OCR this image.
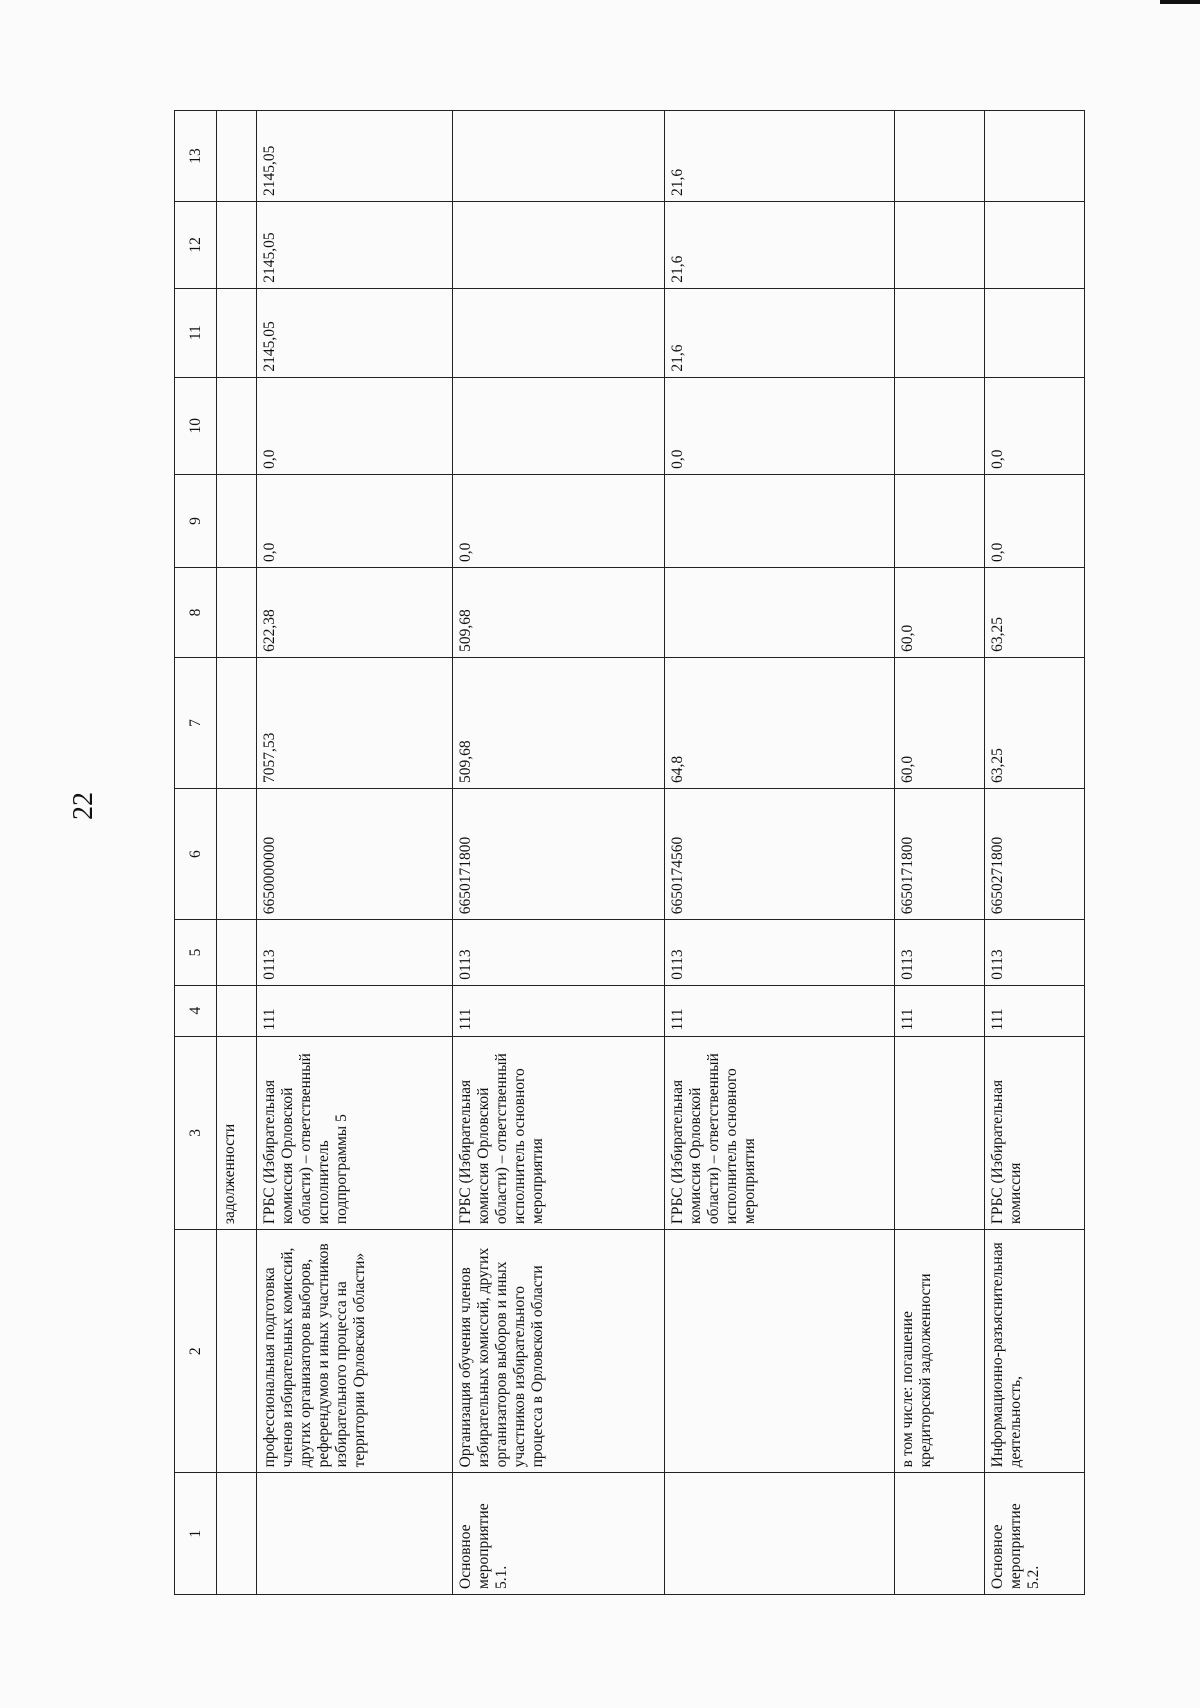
22
1	2	3	4	5	6	7	8	9	10	11	12	13
		задолженности										
	профессиональная подготовка членов избирательных комиссий, других организаторов выборов, референдумов и иных участников избирательного процесса на территории Орловской области»	ГРБС (Избирательная комиссия Орловской области) – ответственный исполнитель подпрограммы 5	111	0113	6650000000	7057,53	622,38	0,0	0,0	2145,05	2145,05	2145,05
Основное мероприятие 5.1.	Организация обучения членов избирательных комиссий, других организаторов выборов и иных участников избирательного процесса в Орловской области	ГРБС (Избирательная комиссия Орловской области) – ответственный исполнитель основного мероприятия	111	0113	6650171800	509,68	509,68	0,0				
		ГРБС (Избирательная комиссия Орловской области) – ответственный исполнитель основного мероприятия	111	0113	6650174560	64,8			0,0	21,6	21,6	21,6
	в том числе: погашение кредиторской задолженности		111	0113	6650171800	60,0	60,0					
Основное мероприятие 5.2.	Информационно-разъяснительная деятельность,	ГРБС (Избирательная комиссия	111	0113	6650271800	63,25	63,25	0,0	0,0			
